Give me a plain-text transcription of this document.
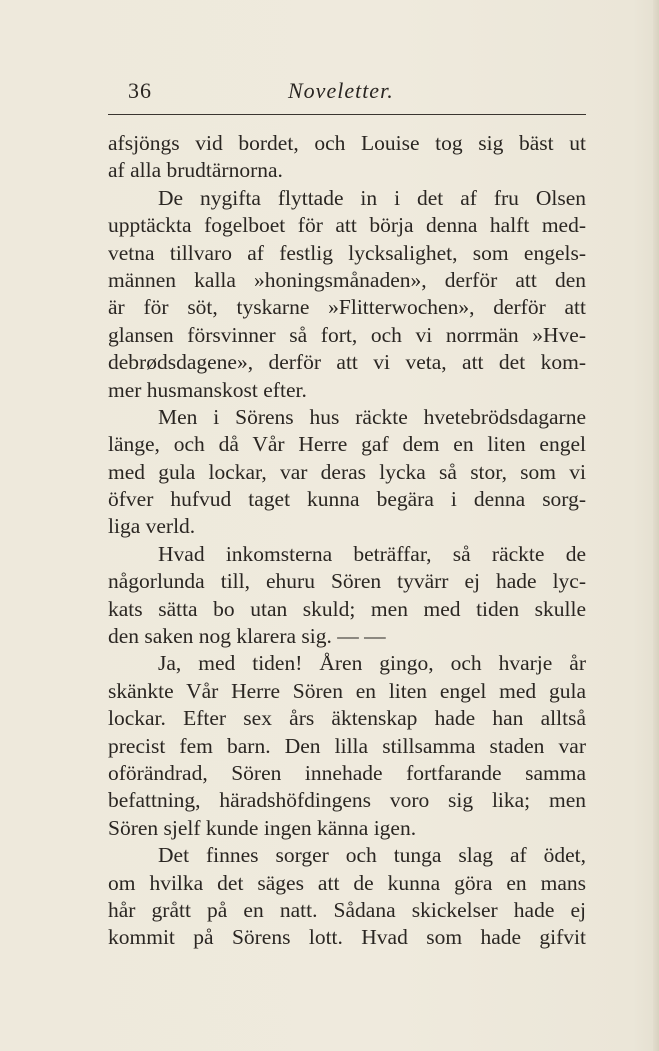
36	Noveletter.
afsjöngs vid bordet, och Louise tog sig bäst ut
af alla brudtärnorna.
De nygifta flyttade in i det af fru Olsen
upptäckta fogelboet för att börja denna halft med-
vetna tillvaro af festlig lycksalighet, som engels-
männen kalla »honingsmånaden», derför att den
är för söt, tyskarne »Flitterwochen», derför att
glansen försvinner så fort, och vi norrmän »Hve-
debrødsdagene», derför att vi veta, att det kom-
mer husmanskost efter.
Men i Sörens hus räckte hvetebrödsdagarne
länge, och då Vår Herre gaf dem en liten engel
med gula lockar, var deras lycka så stor, som vi
öfver hufvud taget kunna begära i denna sorg-
liga verld.
Hvad inkomsterna beträffar, så räckte de
någorlunda till, ehuru Sören tyvärr ej hade lyc-
kats sätta bo utan skuld; men med tiden skulle
den saken nog klarera sig. — —
Ja, med tiden! Åren gingo, och hvarje år
skänkte Vår Herre Sören en liten engel med gula
lockar. Efter sex års äktenskap hade han alltså
precist fem barn. Den lilla stillsamma staden var
oförändrad, Sören innehade fortfarande samma
befattning, häradshöfdingens voro sig lika; men
Sören sjelf kunde ingen känna igen.
Det finnes sorger och tunga slag af ödet,
om hvilka det säges att de kunna göra en mans
hår grått på en natt. Sådana skickelser hade ej
kommit på Sörens lott. Hvad som hade gifvit
